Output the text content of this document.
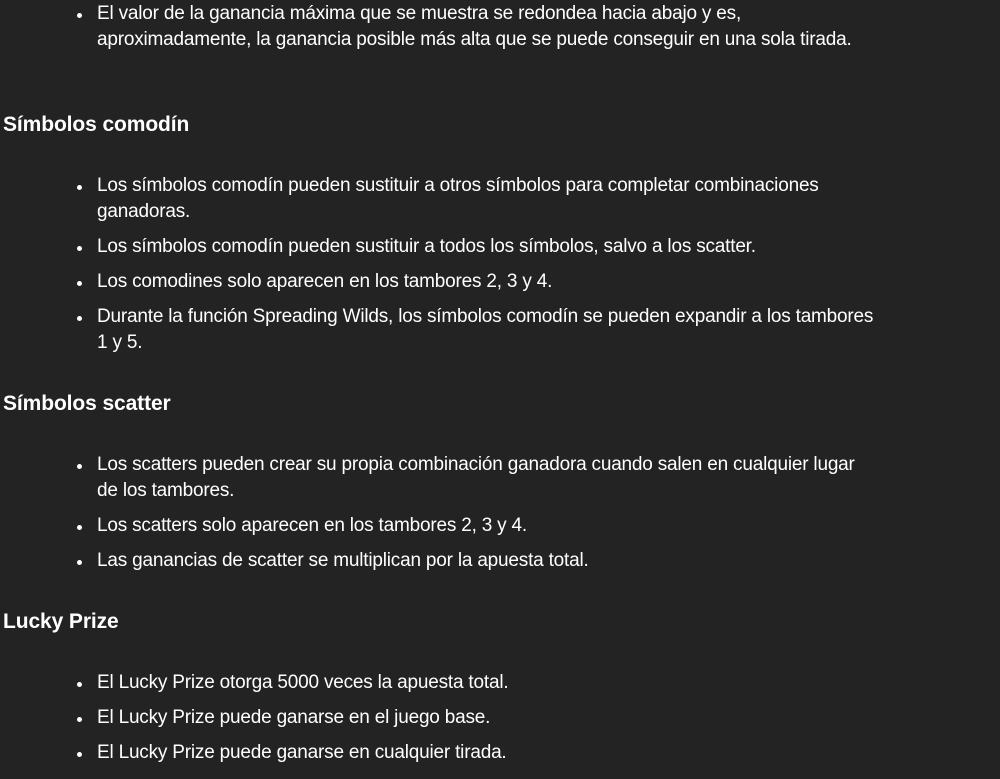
El valor de la ganancia máxima que se muestra se redondea hacia abajo y es, aproximadamente, la ganancia posible más alta que se puede conseguir en una sola tirada.
Símbolos comodín
Los símbolos comodín pueden sustituir a otros símbolos para completar combinaciones ganadoras.
Los símbolos comodín pueden sustituir a todos los símbolos, salvo a los scatter.
Los comodines solo aparecen en los tambores 2, 3 y 4.
Durante la función Spreading Wilds, los símbolos comodín se pueden expandir a los tambores 1 y 5.
Símbolos scatter
Los scatters pueden crear su propia combinación ganadora cuando salen en cualquier lugar de los tambores.
Los scatters solo aparecen en los tambores 2, 3 y 4.
Las ganancias de scatter se multiplican por la apuesta total.
Lucky Prize
El Lucky Prize otorga 5000 veces la apuesta total.
El Lucky Prize puede ganarse en el juego base.
El Lucky Prize puede ganarse en cualquier tirada.
